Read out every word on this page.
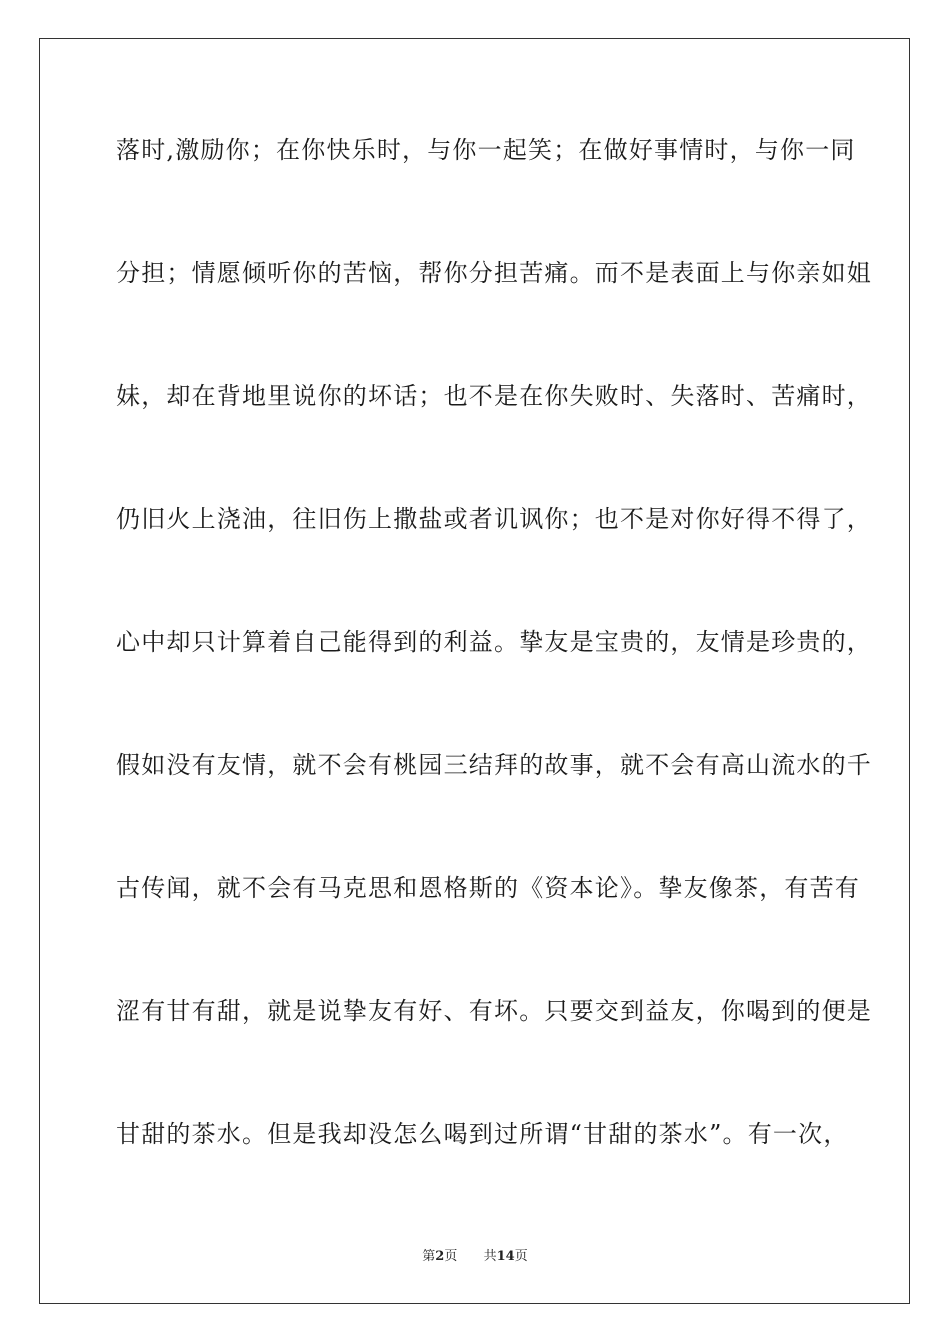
落时,激励你；在你快乐时，与你一起笑；在做好事情时，与你一同
分担；情愿倾听你的苦恼，帮你分担苦痛。而不是表面上与你亲如姐
妹，却在背地里说你的坏话；也不是在你失败时、失落时、苦痛时，
仍旧火上浇油，往旧伤上撒盐或者讥讽你；也不是对你好得不得了，
心中却只计算着自己能得到的利益。挚友是宝贵的，友情是珍贵的，
假如没有友情，就不会有桃园三结拜的故事，就不会有高山流水的千
古传闻，就不会有马克思和恩格斯的《资本论》。挚友像茶，有苦有
涩有甘有甜，就是说挚友有好、有坏。只要交到益友，你喝到的便是
甘甜的茶水。但是我却没怎么喝到过所谓“甘甜的茶水”。有一次，
第2页 共14页
